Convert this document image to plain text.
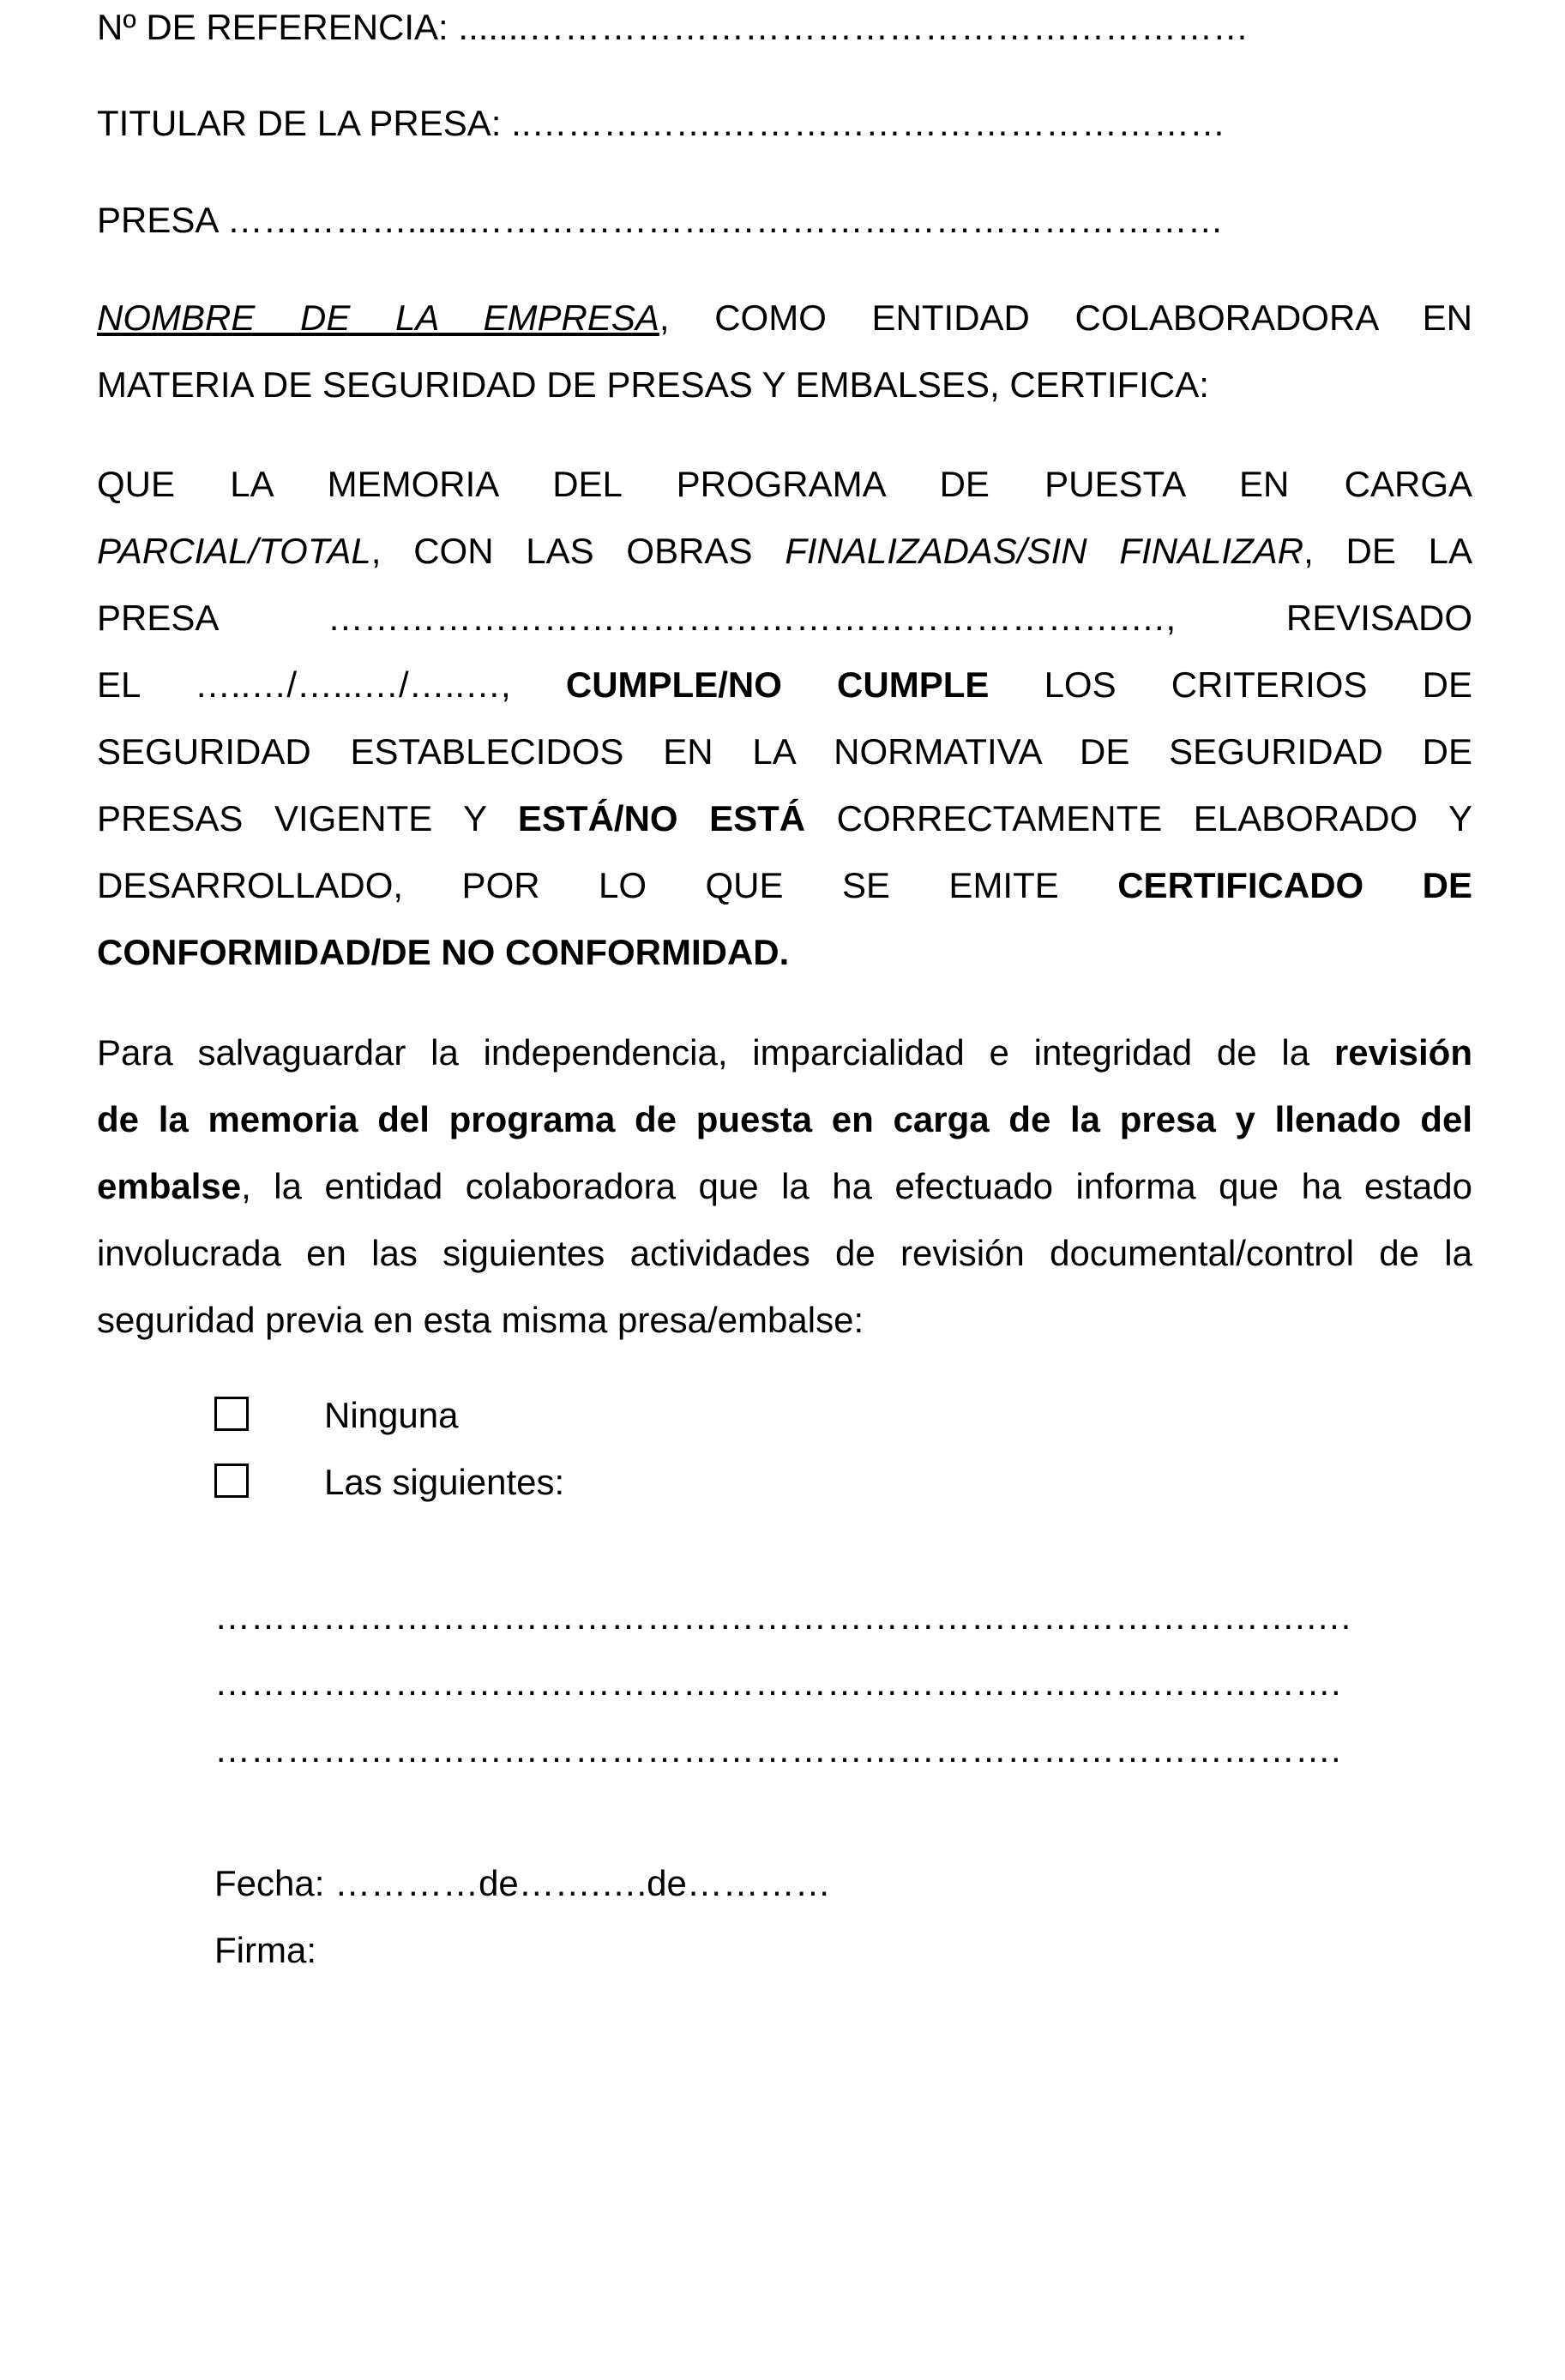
Nº DE REFERENCIA: .......……………………………………………………
TITULAR DE LA PRESA: ..…………….……………………………………
PRESA ……………......………………………………………………………
NOMBRE DE LA EMPRESA, COMO ENTIDAD COLABORADORA EN
MATERIA DE SEGURIDAD DE PRESAS Y EMBALSES, CERTIFICA:
QUE LA MEMORIA DEL PROGRAMA DE PUESTA EN CARGA
PARCIAL/TOTAL, CON LAS OBRAS FINALIZADAS/SIN FINALIZAR, DE LA
PRESA ………………………………………………………….…, REVISADO
EL …..…/…...…/…..…, CUMPLE/NO CUMPLE LOS CRITERIOS DE
SEGURIDAD ESTABLECIDOS EN LA NORMATIVA DE SEGURIDAD DE
PRESAS VIGENTE Y ESTÁ/NO ESTÁ CORRECTAMENTE ELABORADO Y
DESARROLLADO, POR LO QUE SE EMITE CERTIFICADO DE
CONFORMIDAD/DE NO CONFORMIDAD.
Para salvaguardar la independencia, imparcialidad e integridad de la revisión
de la memoria del programa de puesta en carga de la presa y llenado del
embalse, la entidad colaboradora que la ha efectuado informa que ha estado
involucrada en las siguientes actividades de revisión documental/control de la
seguridad previa en esta misma presa/embalse:
Ninguna
Las siguientes:
……………………………………………………………………………….….
………………………………………………………………………………….
………………………………………………………………………………….
Fecha: …………de…….….de…………
Firma:
